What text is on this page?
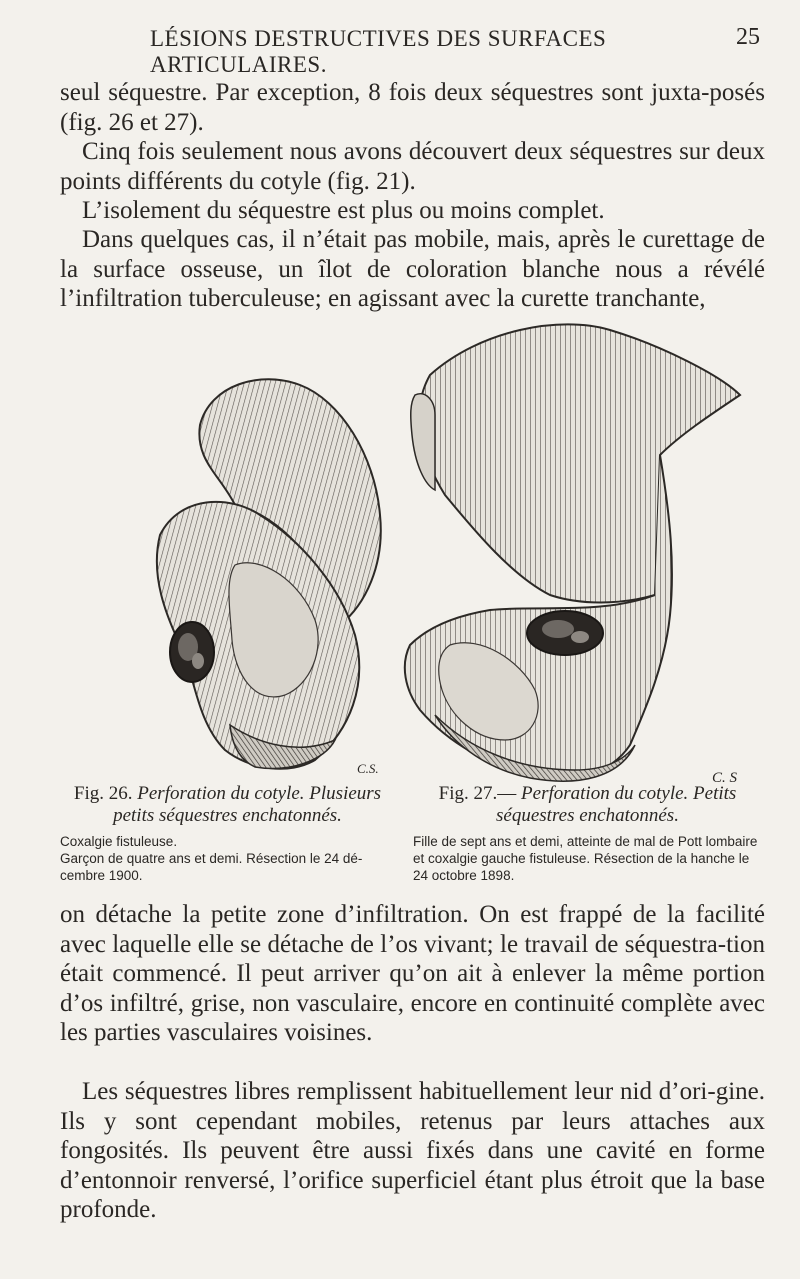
LÉSIONS DESTRUCTIVES DES SURFACES ARTICULAIRES.
25

seul séquestre. Par exception, 8 fois deux séquestres sont juxta-posés (fig. 26 et 27).

Cinq fois seulement nous avons découvert deux séquestres sur deux points différents du cotyle (fig. 21).

L’isolement du séquestre est plus ou moins complet.

Dans quelques cas, il n’était pas mobile, mais, après le curettage de la surface osseuse, un îlot de coloration blanche nous a révélé l’infiltration tuberculeuse; en agissant avec la curette tranchante,

C.S.
C. S
Fig. 26. Perforation du cotyle. Plusieurs petits séquestres enchatonnés.
Coxalgie fistuleuse.
Garçon de quatre ans et demi. Résection le 24 dé-cembre 1900.
Fig. 27.— Perforation du cotyle. Petits séquestres enchatonnés.
Fille de sept ans et demi, atteinte de mal de Pott lombaire et coxalgie gauche fistuleuse. Résection de la hanche le 24 octobre 1898.

on détache la petite zone d’infiltration. On est frappé de la facilité avec laquelle elle se détache de l’os vivant; le travail de séquestra-tion était commencé. Il peut arriver qu’on ait à enlever la même portion d’os infiltré, grise, non vasculaire, encore en continuité complète avec les parties vasculaires voisines.

Les séquestres libres remplissent habituellement leur nid d’ori-gine. Ils y sont cependant mobiles, retenus par leurs attaches aux fongosités. Ils peuvent être aussi fixés dans une cavité en forme d’entonnoir renversé, l’orifice superficiel étant plus étroit que la base profonde.
